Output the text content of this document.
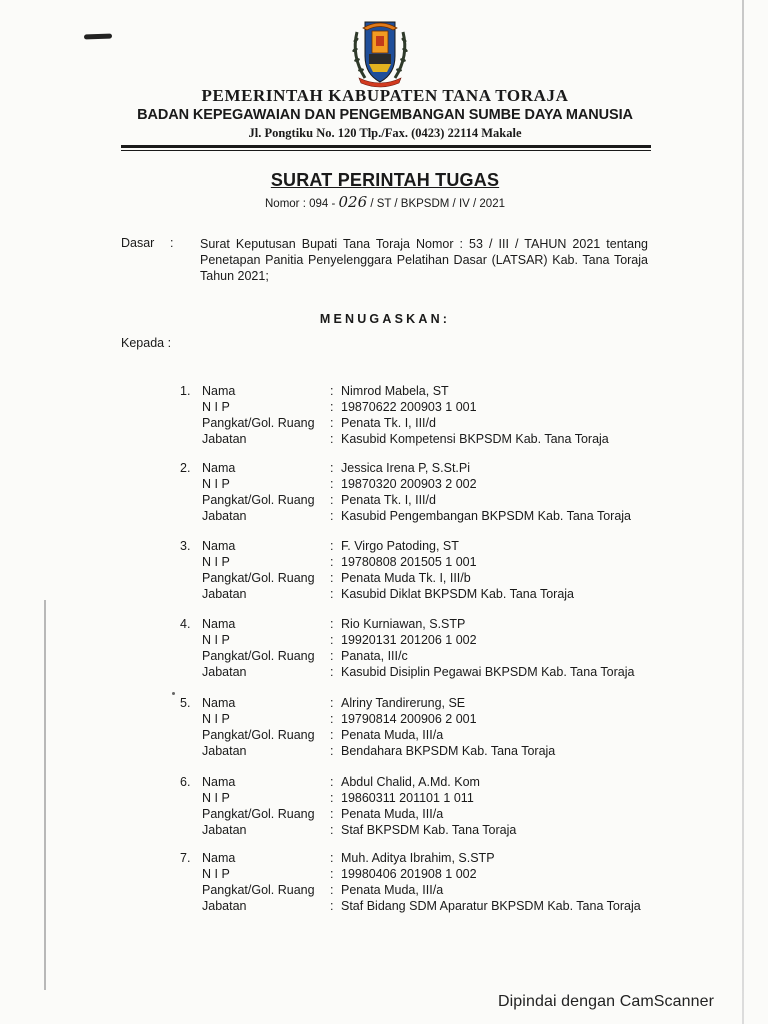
PEMERINTAH KABUPATEN TANA TORAJA
BADAN KEPEGAWAIAN DAN PENGEMBANGAN SUMBE DAYA MANUSIA
Jl. Pongtiku No. 120 Tlp./Fax. (0423) 22114 Makale
SURAT PERINTAH TUGAS
Nomor : 094 - 026 / ST / BKPSDM / IV / 2021
Dasar : Surat Keputusan Bupati Tana Toraja Nomor : 53 / III / TAHUN 2021 tentang Penetapan Panitia Penyelenggara Pelatihan Dasar (LATSAR) Kab. Tana Toraja Tahun 2021;
MENUGASKAN:
Kepada :
1. Nama
N I P
Pangkat/Gol. Ruang
Jabatan
:
:
:
:
Nimrod Mabela, ST
19870622 200903 1 001
Penata Tk. I, III/d
Kasubid Kompetensi BKPSDM Kab. Tana Toraja
2. Nama
N I P
Pangkat/Gol. Ruang
Jabatan
:
:
:
:
Jessica Irena P, S.St.Pi
19870320 200903 2 002
Penata Tk. I, III/d
Kasubid Pengembangan BKPSDM Kab. Tana Toraja
3. Nama
N I P
Pangkat/Gol. Ruang
Jabatan
:
:
:
:
F. Virgo Patoding, ST
19780808 201505 1 001
Penata Muda Tk. I, III/b
Kasubid Diklat BKPSDM Kab. Tana Toraja
4. Nama
N I P
Pangkat/Gol. Ruang
Jabatan
:
:
:
:
Rio Kurniawan, S.STP
19920131 201206 1 002
Panata, III/c
Kasubid Disiplin Pegawai BKPSDM Kab. Tana Toraja
5. Nama
N I P
Pangkat/Gol. Ruang
Jabatan
:
:
:
:
Alriny Tandirerung, SE
19790814 200906 2 001
Penata Muda, III/a
Bendahara BKPSDM Kab. Tana Toraja
6. Nama
N I P
Pangkat/Gol. Ruang
Jabatan
:
:
:
:
Abdul Chalid, A.Md. Kom
19860311 201101 1 011
Penata Muda, III/a
Staf BKPSDM Kab. Tana Toraja
7. Nama
N I P
Pangkat/Gol. Ruang
Jabatan
:
:
:
:
Muh. Aditya Ibrahim, S.STP
19980406 201908 1 002
Penata Muda, III/a
Staf Bidang SDM Aparatur BKPSDM Kab. Tana Toraja
Dipindai dengan CamScanner
